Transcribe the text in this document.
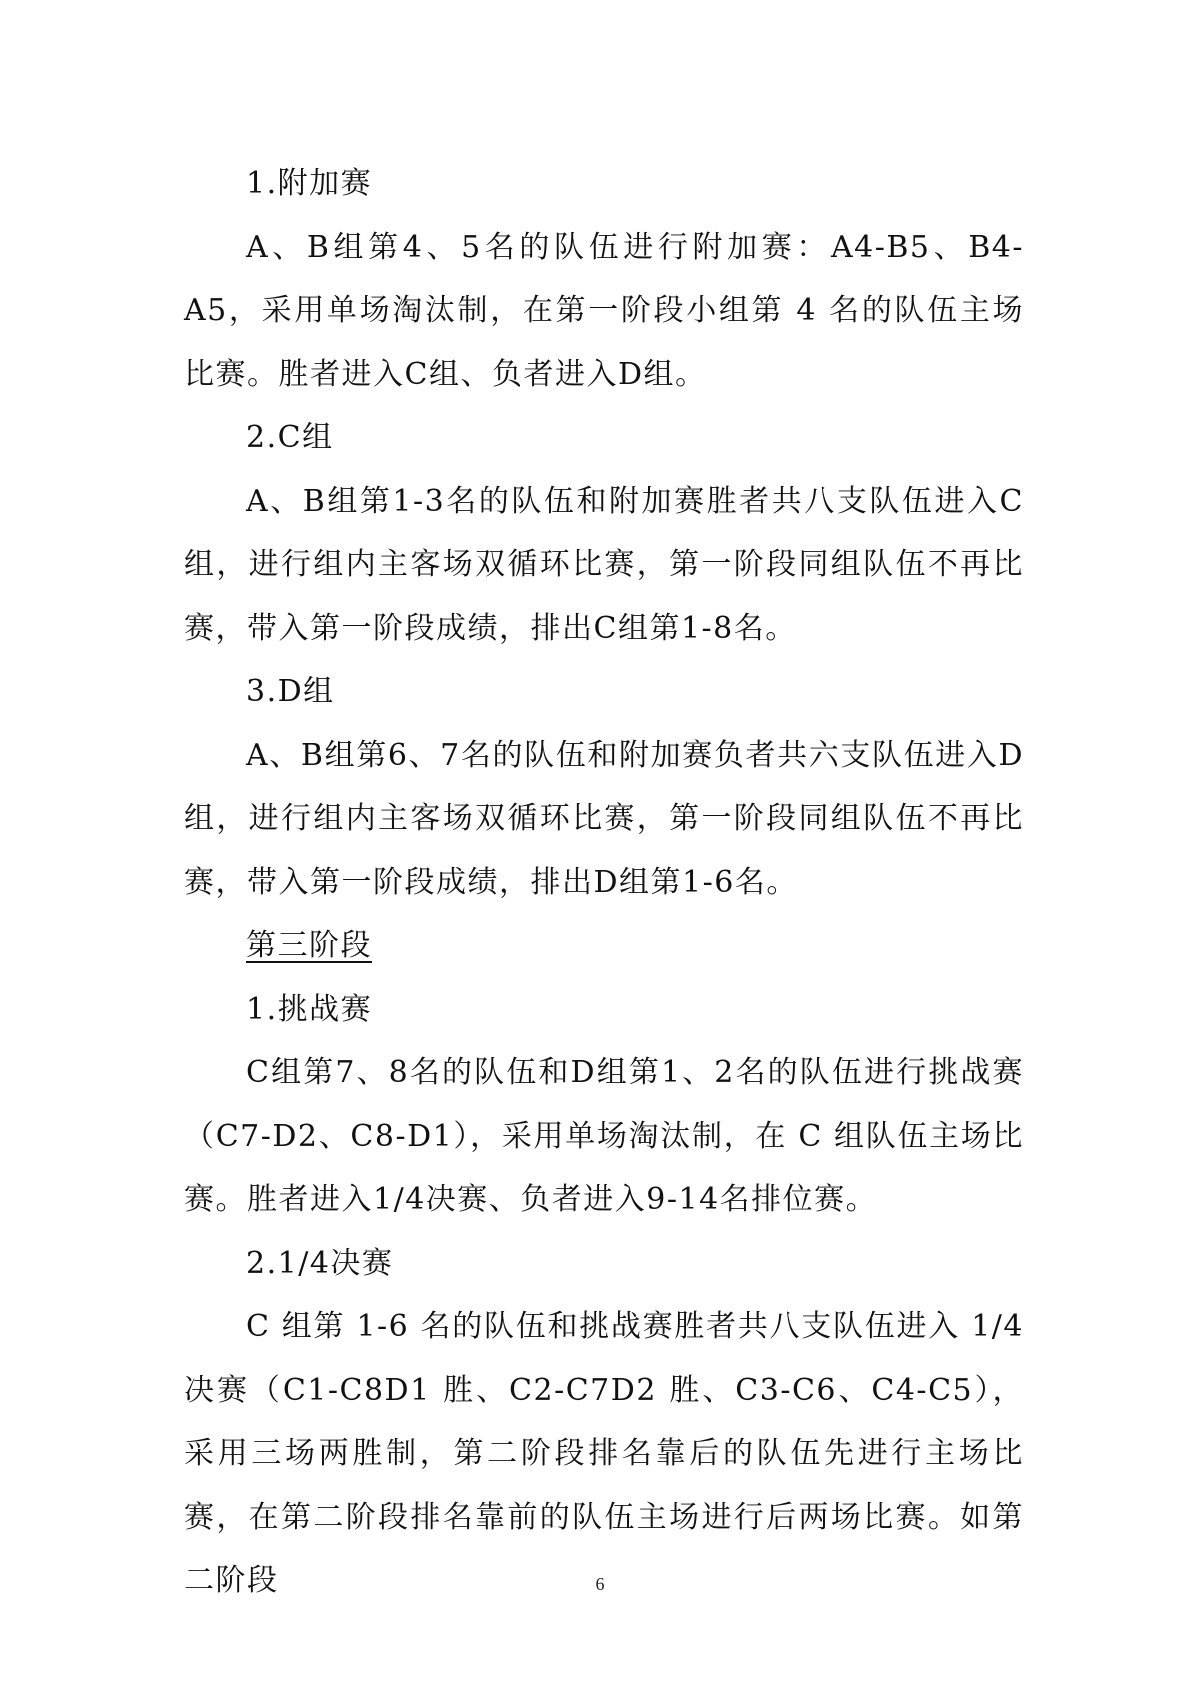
1.附加赛

A、B组第4、5名的队伍进行附加赛：A4-B5、B4-A5，采用单场淘汰制，在第一阶段小组第 4 名的队伍主场比赛。胜者进入C组、负者进入D组。

2.C组

A、B组第1-3名的队伍和附加赛胜者共八支队伍进入C组，进行组内主客场双循环比赛，第一阶段同组队伍不再比赛，带入第一阶段成绩，排出C组第1-8名。

3.D组

A、B组第6、7名的队伍和附加赛负者共六支队伍进入D组，进行组内主客场双循环比赛，第一阶段同组队伍不再比赛，带入第一阶段成绩，排出D组第1-6名。

第三阶段

1.挑战赛

C组第7、8名的队伍和D组第1、2名的队伍进行挑战赛（C7-D2、C8-D1），采用单场淘汰制，在 C 组队伍主场比赛。胜者进入1/4决赛、负者进入9-14名排位赛。

2.1/4决赛

C 组第 1-6 名的队伍和挑战赛胜者共八支队伍进入 1/4决赛（C1-C8D1 胜、C2-C7D2 胜、C3-C6、C4-C5），采用三场两胜制，第二阶段排名靠后的队伍先进行主场比赛，在第二阶段排名靠前的队伍主场进行后两场比赛。如第二阶段	6
